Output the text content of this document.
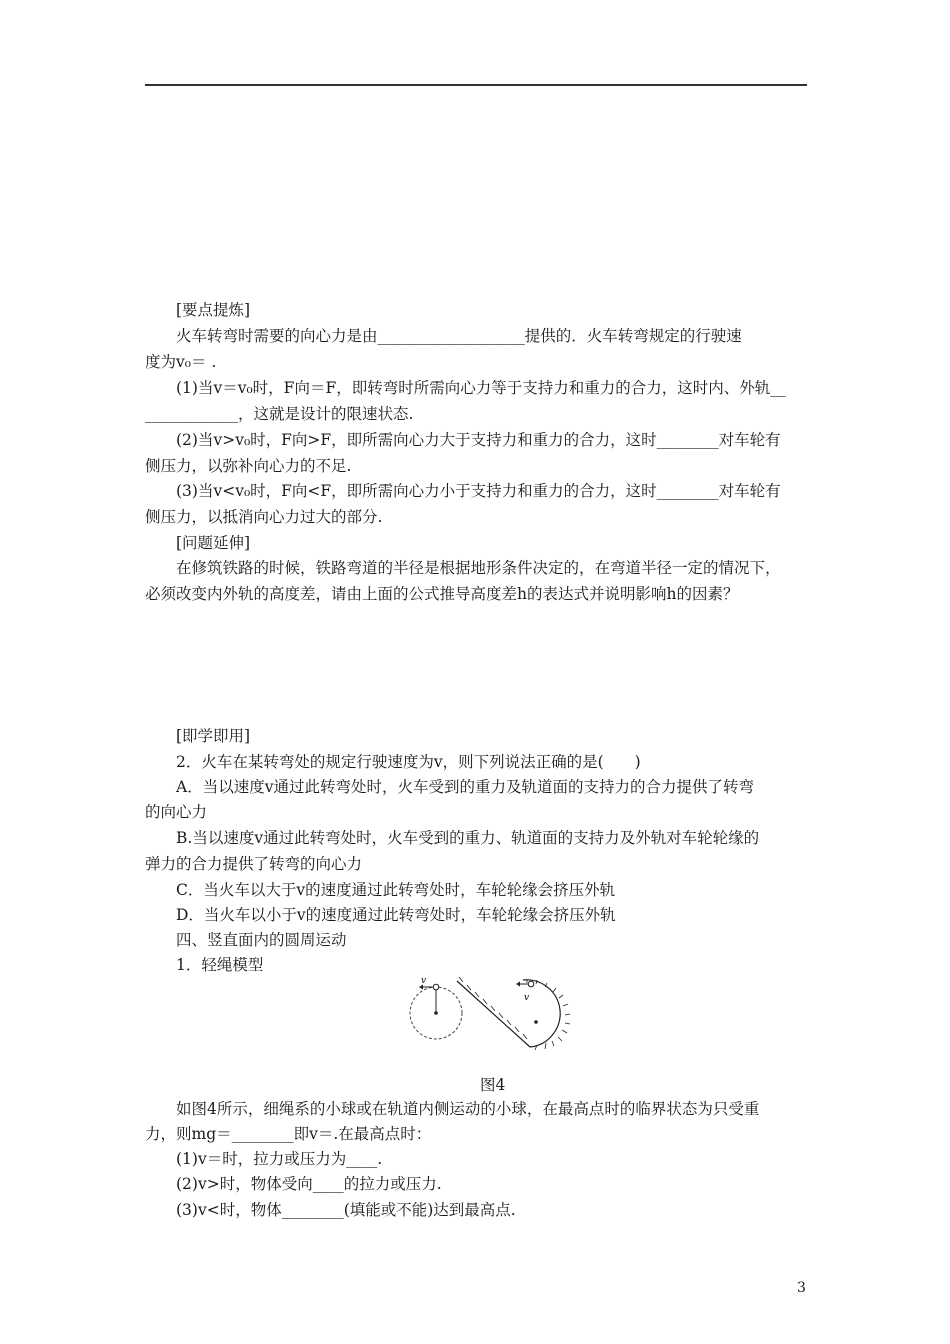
[要点提炼]
火车转弯时需要的向心力是由___________________提供的．火车转弯规定的行驶速
度为v₀＝ .
(1)当v＝v₀时，F向＝F，即转弯时所需向心力等于支持力和重力的合力，这时内、外轨__
____________，这就是设计的限速状态.
(2)当v>v₀时，F向>F，即所需向心力大于支持力和重力的合力，这时________对车轮有
侧压力，以弥补向心力的不足.
(3)当v<v₀时，F向<F，即所需向心力小于支持力和重力的合力，这时________对车轮有
侧压力，以抵消向心力过大的部分.
[问题延伸]
在修筑铁路的时候，铁路弯道的半径是根据地形条件决定的，在弯道半径一定的情况下，
必须改变内外轨的高度差，请由上面的公式推导高度差h的表达式并说明影响h的因素？
[即学即用]
2．火车在某转弯处的规定行驶速度为v，则下列说法正确的是(　　)
A．当以速度v通过此转弯处时，火车受到的重力及轨道面的支持力的合力提供了转弯
的向心力
B.当以速度v通过此转弯处时，火车受到的重力、轨道面的支持力及外轨对车轮轮缘的
弹力的合力提供了转弯的向心力
C．当火车以大于v的速度通过此转弯处时，车轮轮缘会挤压外轨
D．当火车以小于v的速度通过此转弯处时，车轮轮缘会挤压外轨
四、竖直面内的圆周运动
1．轻绳模型
v
v
图4
如图4所示，细绳系的小球或在轨道内侧运动的小球，在最高点时的临界状态为只受重
力，则mg＝________即v＝.在最高点时：
(1)v＝时，拉力或压力为____.
(2)v>时，物体受向____的拉力或压力.
(3)v<时，物体________(填能或不能)达到最高点.
3
